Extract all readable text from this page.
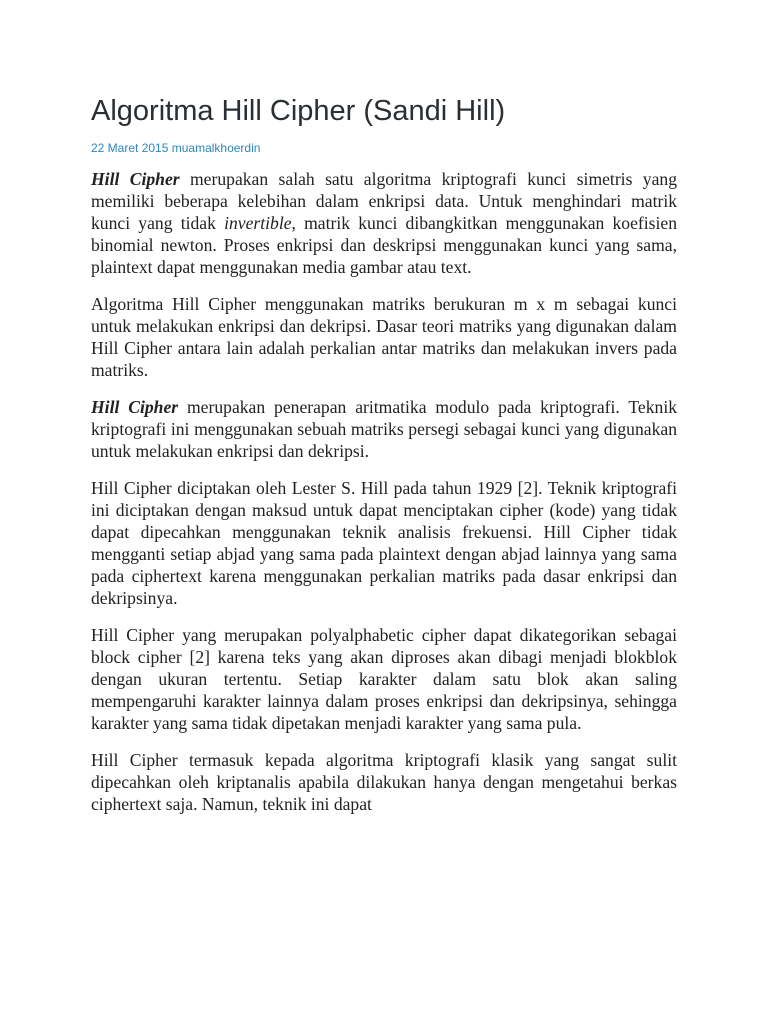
Algoritma Hill Cipher (Sandi Hill)
22 Maret 2015 muamalkhoerdin

Hill Cipher merupakan salah satu algoritma kriptografi kunci simetris yang memiliki beberapa kelebihan dalam enkripsi data. Untuk menghindari matrik kunci yang tidak invertible, matrik kunci dibangkitkan menggunakan koefisien binomial newton. Proses enkripsi dan deskripsi menggunakan kunci yang sama, plaintext dapat menggunakan media gambar atau text.

Algoritma Hill Cipher menggunakan matriks berukuran m x m sebagai kunci untuk melakukan enkripsi dan dekripsi. Dasar teori matriks yang digunakan dalam Hill Cipher antara lain adalah perkalian antar matriks dan melakukan invers pada matriks.

Hill Cipher merupakan penerapan aritmatika modulo pada kriptografi. Teknik kriptografi ini menggunakan sebuah matriks persegi sebagai kunci yang digunakan untuk melakukan enkripsi dan dekripsi.

Hill Cipher diciptakan oleh Lester S. Hill pada tahun 1929 [2]. Teknik kriptografi ini diciptakan dengan maksud untuk dapat menciptakan cipher (kode) yang tidak dapat dipecahkan menggunakan teknik analisis frekuensi. Hill Cipher tidak mengganti setiap abjad yang sama pada plaintext dengan abjad lainnya yang sama pada ciphertext karena menggunakan perkalian matriks pada dasar enkripsi dan dekripsinya.

Hill Cipher yang merupakan polyalphabetic cipher dapat dikategorikan sebagai block cipher [2] karena teks yang akan diproses akan dibagi menjadi blokblok dengan ukuran tertentu. Setiap karakter dalam satu blok akan saling mempengaruhi karakter lainnya dalam proses enkripsi dan dekripsinya, sehingga karakter yang sama tidak dipetakan menjadi karakter yang sama pula.

Hill Cipher termasuk kepada algoritma kriptografi klasik yang sangat sulit dipecahkan oleh kriptanalis apabila dilakukan hanya dengan mengetahui berkas ciphertext saja. Namun, teknik ini dapat
